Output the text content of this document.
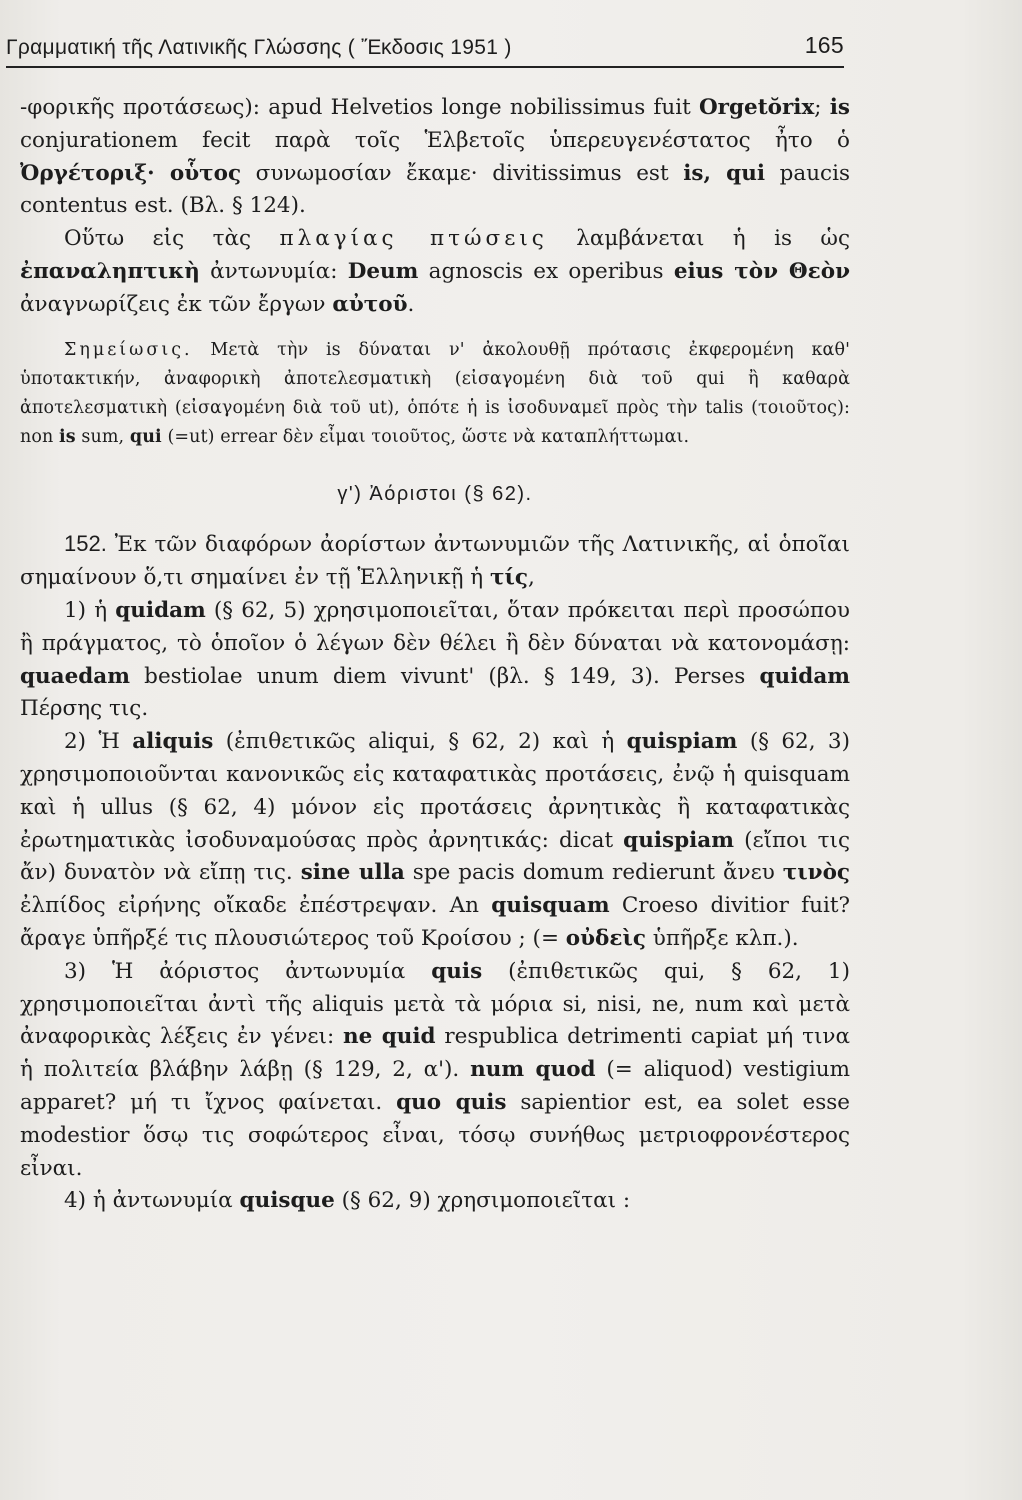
Γραμματική τῆς Λατινικῆς Γλώσσης ( Ἔκδοσις 1951 )	165

-φορικῆς προτάσεως): apud Helvetios longe nobilissimus fuit Orgetŏrix; is conjurationem fecit παρὰ τοῖς Ἑλβετοῖς ὑπερευγενέστατος ἦτο ὁ Ὀργέτοριξ· οὗτος συνωμοσίαν ἔκαμε· divitissimus est is, qui paucis contentus est. (Βλ. § 124).

Οὕτω εἰς τὰς πλαγίας πτώσεις λαμβάνεται ἡ is ὡς ἐπαναληπτικὴ ἀντωνυμία: Deum agnoscis ex operibus eius τὸν Θεὸν ἀναγνωρίζεις ἐκ τῶν ἔργων αὐτοῦ.

Σημείωσις. Μετὰ τὴν is δύναται ν' ἀκολουθῇ πρότασις ἐκφερομένη καθ' ὑποτακτικήν, ἀναφορικὴ ἀποτελεσματικὴ (εἰσαγομένη διὰ τοῦ qui ἢ καθαρὰ ἀποτελεσματικὴ (εἰσαγομένη διὰ τοῦ ut), ὁπότε ἡ is ἰσοδυναμεῖ πρὸς τὴν talis (τοιοῦτος): non is sum, qui (=ut) errear δὲν εἶμαι τοιοῦτος, ὥστε νὰ καταπλήττωμαι.

γ') Ἀόριστοι (§ 62).

152. Ἐκ τῶν διαφόρων ἀορίστων ἀντωνυμιῶν τῆς Λατινικῆς, αἱ ὁποῖαι σημαίνουν ὅ,τι σημαίνει ἐν τῇ Ἑλληνικῇ ἡ τίς,

1) ἡ quidam (§ 62, 5) χρησιμοποιεῖται, ὅταν πρόκειται περὶ προσώπου ἢ πράγματος, τὸ ὁποῖον ὁ λέγων δὲν θέλει ἢ δὲν δύναται νὰ κατονομάσῃ: quaedam bestiolae unum diem vivunt' (βλ. § 149, 3). Perses quidam Πέρσης τις.

2) Ἡ aliquis (ἐπιθετικῶς aliqui, § 62, 2) καὶ ἡ quispiam (§ 62, 3) χρησιμοποιοῦνται κανονικῶς εἰς καταφατικὰς προτάσεις, ἐνῷ ἡ quisquam καὶ ἡ ullus (§ 62, 4) μόνον εἰς προτάσεις ἀρνητικὰς ἢ καταφατικὰς ἐρωτηματικὰς ἰσοδυναμούσας πρὸς ἀρνητικάς: dicat quispiam (εἴποι τις ἄν) δυνατὸν νὰ εἴπῃ τις. sine ulla spe pacis domum redierunt ἄνευ τινὸς ἐλπίδος εἰρήνης οἴκαδε ἐπέστρεψαν. An quisquam Croeso divitior fuit? ἄραγε ὑπῆρξέ τις πλουσιώτερος τοῦ Κροίσου ; (= οὐδεὶς ὑπῆρξε κλπ.).

3) Ἡ ἀόριστος ἀντωνυμία quis (ἐπιθετικῶς qui, § 62, 1) χρησιμοποιεῖται ἀντὶ τῆς aliquis μετὰ τὰ μόρια si, nisi, ne, num καὶ μετὰ ἀναφορικὰς λέξεις ἐν γένει: ne quid respublica detrimenti capiat μή τινα ἡ πολιτεία βλάβην λάβῃ (§ 129, 2, α'). num quod (= aliquod) vestigium apparet? μή τι ἴχνος φαίνεται. quo quis sapientior est, ea solet esse modestior ὅσῳ τις σοφώτερος εἶναι, τόσῳ συνήθως μετριοφρονέστερος εἶναι.

4) ἡ ἀντωνυμία quisque (§ 62, 9) χρησιμοποιεῖται :
